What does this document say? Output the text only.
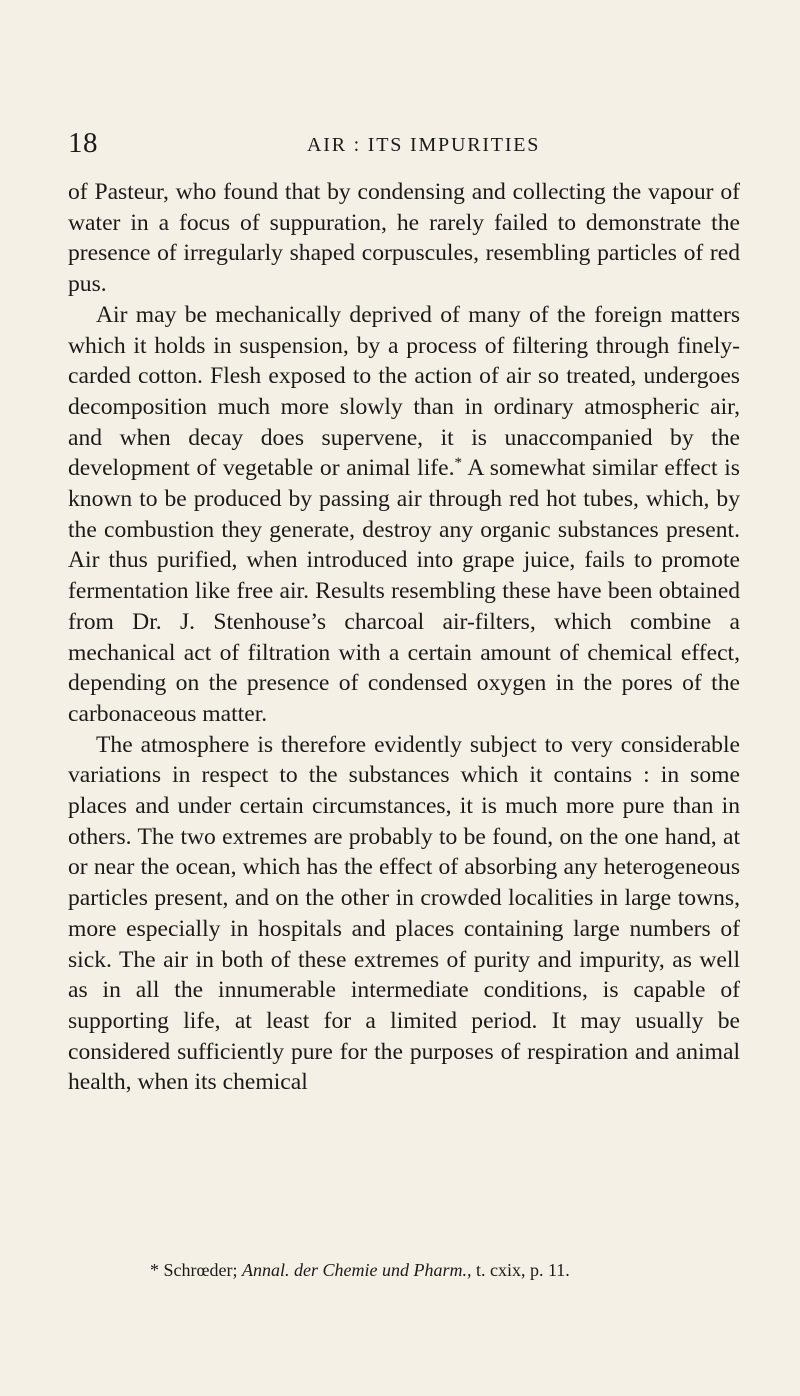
18	AIR : ITS IMPURITIES

of Pasteur, who found that by condensing and collecting the vapour of water in a focus of suppuration, he rarely failed to demonstrate the presence of irregularly shaped corpuscules, resembling particles of red pus.

Air may be mechanically deprived of many of the foreign matters which it holds in suspension, by a process of filtering through finely-carded cotton. Flesh exposed to the action of air so treated, undergoes decomposition much more slowly than in ordinary atmospheric air, and when decay does supervene, it is unaccompanied by the development of vegetable or animal life.* A somewhat similar effect is known to be produced by passing air through red hot tubes, which, by the combustion they generate, destroy any organic substances present. Air thus purified, when introduced into grape juice, fails to promote fermentation like free air. Results resembling these have been obtained from Dr. J. Stenhouse’s charcoal air-filters, which combine a mechanical act of filtration with a certain amount of chemical effect, depending on the presence of condensed oxygen in the pores of the carbonaceous matter.

The atmosphere is therefore evidently subject to very considerable variations in respect to the substances which it contains : in some places and under certain circumstances, it is much more pure than in others. The two extremes are probably to be found, on the one hand, at or near the ocean, which has the effect of absorbing any heterogeneous particles present, and on the other in crowded localities in large towns, more especially in hospitals and places containing large numbers of sick. The air in both of these extremes of purity and impurity, as well as in all the innumerable intermediate conditions, is capable of supporting life, at least for a limited period. It may usually be considered sufficiently pure for the purposes of respiration and animal health, when its chemical

* Schrœder; Annal. der Chemie und Pharm., t. cxix, p. 11.
